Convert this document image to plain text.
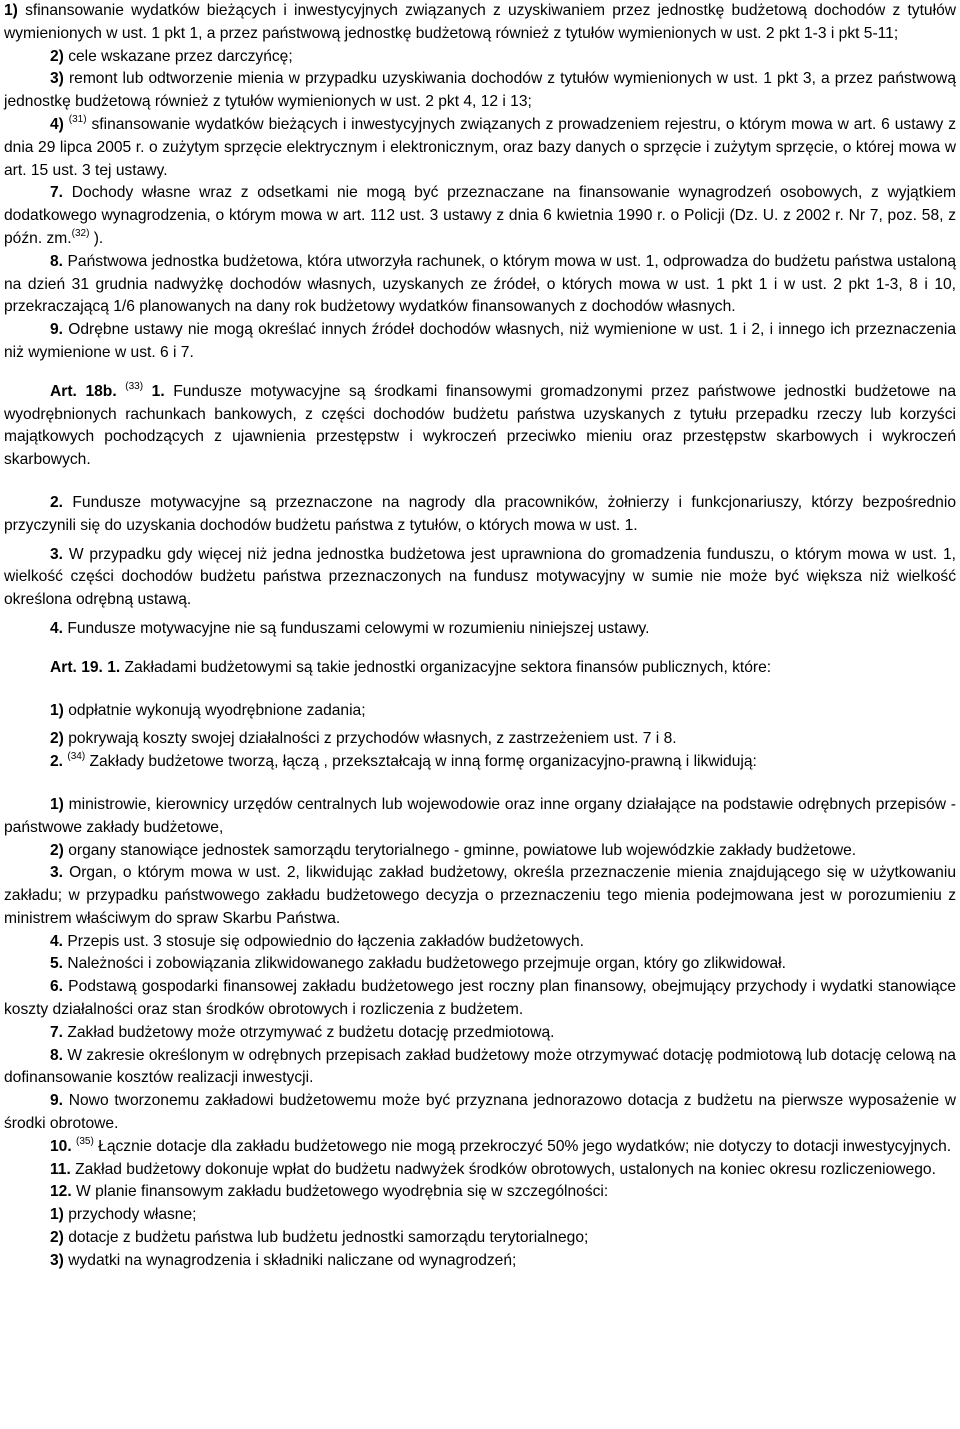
1) sfinansowanie wydatków bieżących i inwestycyjnych związanych z uzyskiwaniem przez jednostkę budżetową dochodów z tytułów wymienionych w ust. 1 pkt 1, a przez państwową jednostkę budżetową również z tytułów wymienionych w ust. 2 pkt 1-3 i pkt 5-11;

2) cele wskazane przez darczyńcę;

3) remont lub odtworzenie mienia w przypadku uzyskiwania dochodów z tytułów wymienionych w ust. 1 pkt 3, a przez państwową jednostkę budżetową również z tytułów wymienionych w ust. 2 pkt 4, 12 i 13;

4) $^{(31)}$ sfinansowanie wydatków bieżących i inwestycyjnych związanych z prowadzeniem rejestru, o którym mowa w art. 6 ustawy z dnia 29 lipca 2005 r. o zużytym sprzęcie elektrycznym i elektronicznym, oraz bazy danych o sprzęcie i zużytym sprzęcie, o której mowa w art. 15 ust. 3 tej ustawy.

7. Dochody własne wraz z odsetkami nie mogą być przeznaczane na finansowanie wynagrodzeń osobowych, z wyjątkiem dodatkowego wynagrodzenia, o którym mowa w art. 112 ust. 3 ustawy z dnia 6 kwietnia 1990 r. o Policji (Dz. U. z 2002 r. Nr 7, poz. 58, z późn. zm.$^{(32)}$ ).

8. Państwowa jednostka budżetowa, która utworzyła rachunek, o którym mowa w ust. 1, odprowadza do budżetu państwa ustaloną na dzień 31 grudnia nadwyżkę dochodów własnych, uzyskanych ze źródeł, o których mowa w ust. 1 pkt 1 i w ust. 2 pkt 1-3, 8 i 10, przekraczającą 1/6 planowanych na dany rok budżetowy wydatków finansowanych z dochodów własnych.

9. Odrębne ustawy nie mogą określać innych źródeł dochodów własnych, niż wymienione w ust. 1 i 2, i innego ich przeznaczenia niż wymienione w ust. 6 i 7.

Art. 18b. $^{(33)}$ 1. Fundusze motywacyjne są środkami finansowymi gromadzonymi przez państwowe jednostki budżetowe na wyodrębnionych rachunkach bankowych, z części dochodów budżetu państwa uzyskanych z tytułu przepadku rzeczy lub korzyści majątkowych pochodzących z ujawnienia przestępstw i wykroczeń przeciwko mieniu oraz przestępstw skarbowych i wykroczeń skarbowych.

2. Fundusze motywacyjne są przeznaczone na nagrody dla pracowników, żołnierzy i funkcjonariuszy, którzy bezpośrednio przyczynili się do uzyskania dochodów budżetu państwa z tytułów, o których mowa w ust. 1.

3. W przypadku gdy więcej niż jedna jednostka budżetowa jest uprawniona do gromadzenia funduszu, o którym mowa w ust. 1, wielkość części dochodów budżetu państwa przeznaczonych na fundusz motywacyjny w sumie nie może być większa niż wielkość określona odrębną ustawą.

4. Fundusze motywacyjne nie są funduszami celowymi w rozumieniu niniejszej ustawy.

Art. 19. 1. Zakładami budżetowymi są takie jednostki organizacyjne sektora finansów publicznych, które:

1) odpłatnie wykonują wyodrębnione zadania;

2) pokrywają koszty swojej działalności z przychodów własnych, z zastrzeżeniem ust. 7 i 8.

2. $^{(34)}$ Zakłady budżetowe tworzą, łączą , przekształcają w inną formę organizacyjno-prawną i likwidują:

1) ministrowie, kierownicy urzędów centralnych lub wojewodowie oraz inne organy działające na podstawie odrębnych przepisów - państwowe zakłady budżetowe,

2) organy stanowiące jednostek samorządu terytorialnego - gminne, powiatowe lub wojewódzkie zakłady budżetowe.

3. Organ, o którym mowa w ust. 2, likwidując zakład budżetowy, określa przeznaczenie mienia znajdującego się w użytkowaniu zakładu; w przypadku państwowego zakładu budżetowego decyzja o przeznaczeniu tego mienia podejmowana jest w porozumieniu z ministrem właściwym do spraw Skarbu Państwa.

4. Przepis ust. 3 stosuje się odpowiednio do łączenia zakładów budżetowych.

5. Należności i zobowiązania zlikwidowanego zakładu budżetowego przejmuje organ, który go zlikwidował.

6. Podstawą gospodarki finansowej zakładu budżetowego jest roczny plan finansowy, obejmujący przychody i wydatki stanowiące koszty działalności oraz stan środków obrotowych i rozliczenia z budżetem.

7. Zakład budżetowy może otrzymywać z budżetu dotację przedmiotową.

8. W zakresie określonym w odrębnych przepisach zakład budżetowy może otrzymywać dotację podmiotową lub dotację celową na dofinansowanie kosztów realizacji inwestycji.

9. Nowo tworzonemu zakładowi budżetowemu może być przyznana jednorazowo dotacja z budżetu na pierwsze wyposażenie w środki obrotowe.

10. $^{(35)}$ Łącznie dotacje dla zakładu budżetowego nie mogą przekroczyć 50% jego wydatków; nie dotyczy to dotacji inwestycyjnych.

11. Zakład budżetowy dokonuje wpłat do budżetu nadwyżek środków obrotowych, ustalonych na koniec okresu rozliczeniowego.

12. W planie finansowym zakładu budżetowego wyodrębnia się w szczególności:

1) przychody własne;

2) dotacje z budżetu państwa lub budżetu jednostki samorządu terytorialnego;

3) wydatki na wynagrodzenia i składniki naliczane od wynagrodzeń;
